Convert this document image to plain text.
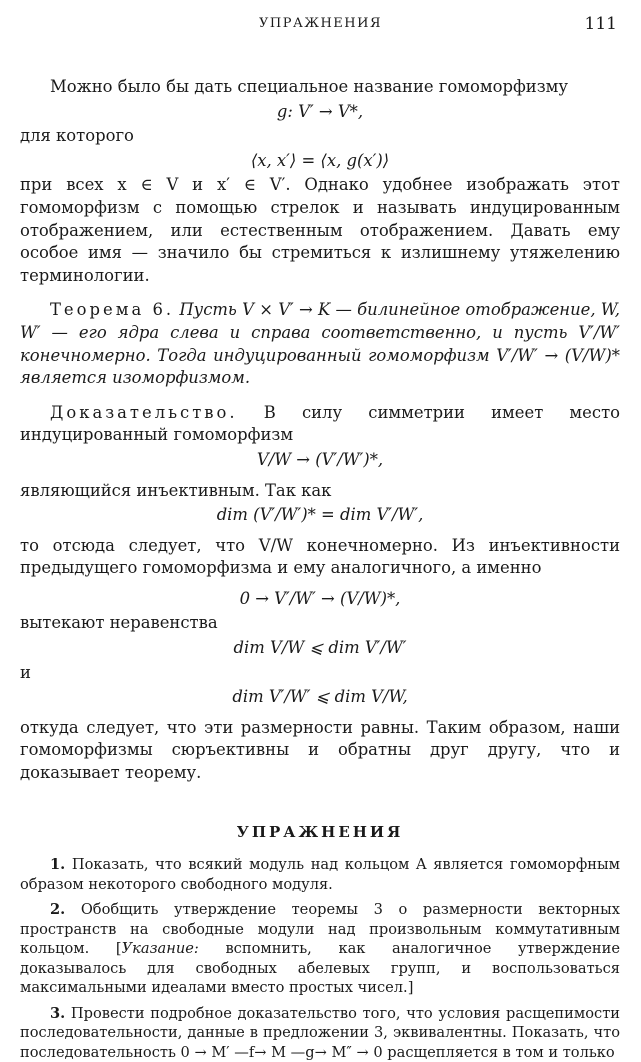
УПРАЖНЕНИЯ	111

Можно было бы дать специальное название гомоморфизму

g: V′ → V*,

для которого

⟨x, x′⟩ = ⟨x, g(x′)⟩

при всех x ∈ V и x′ ∈ V′. Однако удобнее изображать этот гомоморфизм с помощью стрелок и называть индуцированным отображением, или естественным отображением. Давать ему особое имя — значило бы стремиться к излишнему утяжелению терминологии.

Теорема 6. Пусть V × V′ → K — билинейное отображение, W, W′ — его ядра слева и справа соответственно, и пусть V′/W′ конечномерно. Тогда индуцированный гомоморфизм V′/W′ → (V/W)* является изоморфизмом.

Доказательство. В силу симметрии имеет место индуцированный гомоморфизм

V/W → (V′/W′)*,

являющийся инъективным. Так как

dim (V′/W′)* = dim V′/W′,

то отсюда следует, что V/W конечномерно. Из инъективности предыдущего гомоморфизма и ему аналогичного, а именно

0 → V′/W′ → (V/W)*,

вытекают неравенства

dim V/W ⩽ dim V′/W′

и

dim V′/W′ ⩽ dim V/W,

откуда следует, что эти размерности равны. Таким образом, наши гомоморфизмы сюръективны и обратны друг другу, что и доказывает теорему.

УПРАЖНЕНИЯ

1. Показать, что всякий модуль над кольцом A является гомоморфным образом некоторого свободного модуля.

2. Обобщить утверждение теоремы 3 о размерности векторных пространств на свободные модули над произвольным коммутативным кольцом. [Указание: вспомнить, как аналогичное утверждение доказывалось для свободных абелевых групп, и воспользоваться максимальными идеалами вместо простых чисел.]

3. Провести подробное доказательство того, что условия расщепимости последовательности, данные в предложении 3, эквивалентны. Показать, что последовательность 0 → M′ —f→ M —g→ M″ → 0 расщепляется в том и только
